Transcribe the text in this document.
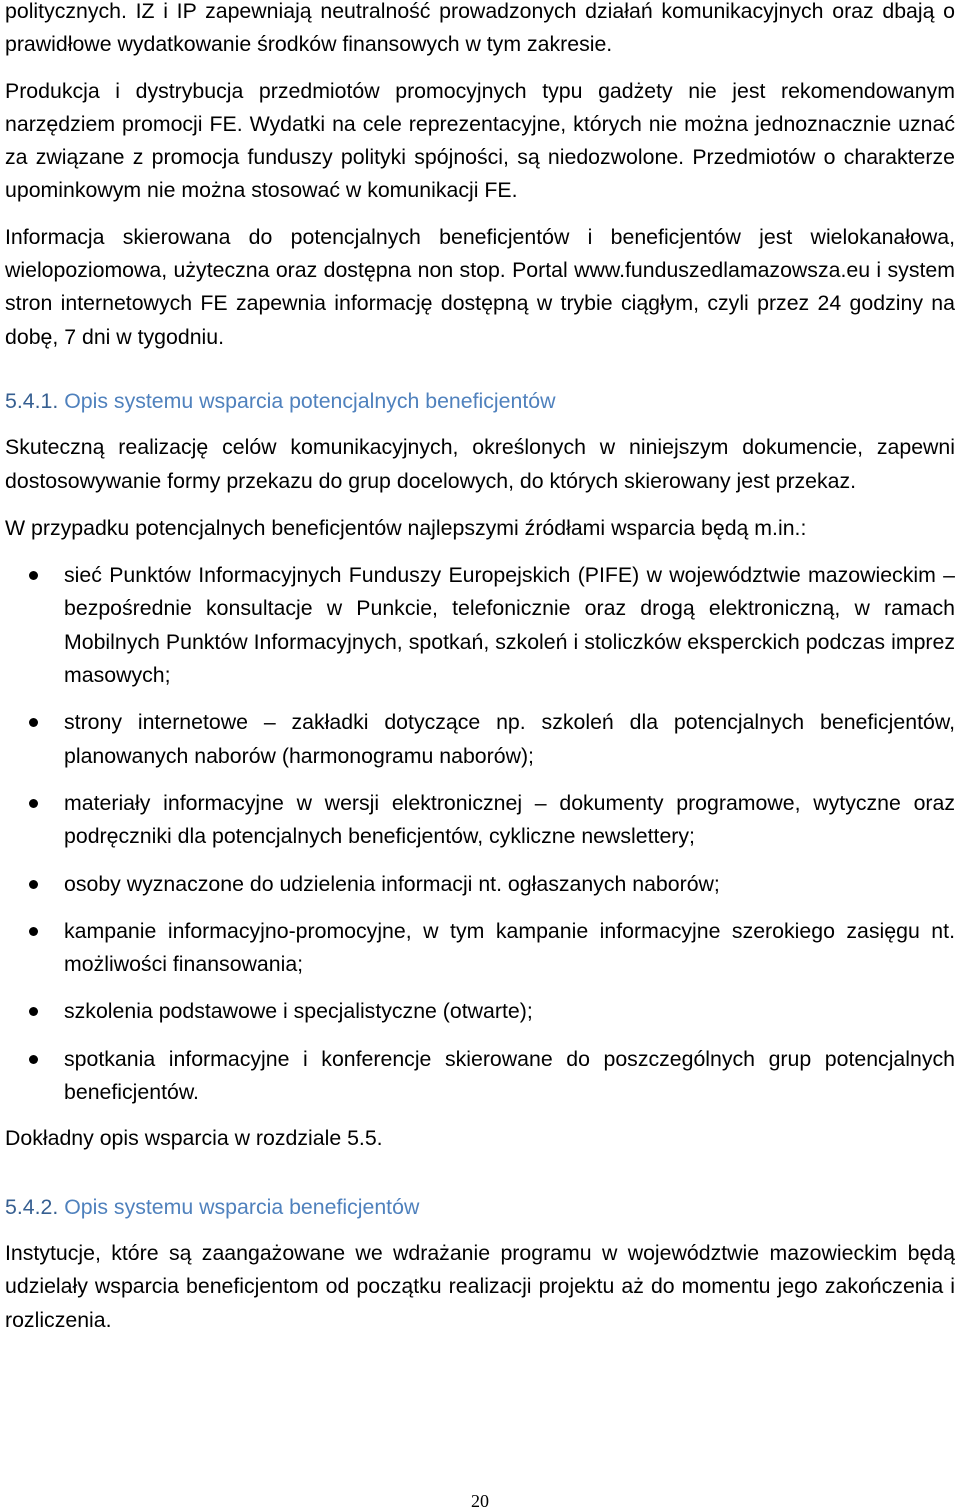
politycznych. IZ i IP zapewniają neutralność prowadzonych działań komunikacyjnych oraz dbają o prawidłowe wydatkowanie środków finansowych w tym zakresie.

Produkcja i dystrybucja przedmiotów promocyjnych typu gadżety nie jest rekomendowanym narzędziem promocji FE. Wydatki na cele reprezentacyjne, których nie można jednoznacznie uznać za związane z promocja funduszy polityki spójności, są niedozwolone. Przedmiotów o charakterze upominkowym nie można stosować w komunikacji FE.

Informacja skierowana do potencjalnych beneficjentów i beneficjentów jest wielokanałowa, wielopoziomowa, użyteczna oraz dostępna non stop. Portal www.funduszedlamazowsza.eu i system stron internetowych FE zapewnia informację dostępną w trybie ciągłym, czyli przez 24 godziny na dobę, 7 dni w tygodniu.

5.4.1. Opis systemu wsparcia potencjalnych beneficjentów

Skuteczną realizację celów komunikacyjnych, określonych w niniejszym dokumencie, zapewni dostosowywanie formy przekazu do grup docelowych, do których skierowany jest przekaz.

W przypadku potencjalnych beneficjentów najlepszymi źródłami wsparcia będą m.in.:

sieć Punktów Informacyjnych Funduszy Europejskich (PIFE) w województwie mazowieckim – bezpośrednie konsultacje w Punkcie, telefonicznie oraz drogą elektroniczną, w ramach Mobilnych Punktów Informacyjnych, spotkań, szkoleń i stoliczków eksperckich podczas imprez masowych;
strony internetowe – zakładki dotyczące np. szkoleń dla potencjalnych beneficjentów, planowanych naborów (harmonogramu naborów);
materiały informacyjne w wersji elektronicznej – dokumenty programowe, wytyczne oraz podręczniki dla potencjalnych beneficjentów, cykliczne newslettery;
osoby wyznaczone do udzielenia informacji nt. ogłaszanych naborów;
kampanie informacyjno-promocyjne, w tym kampanie informacyjne szerokiego zasięgu nt. możliwości finansowania;
szkolenia podstawowe i specjalistyczne (otwarte);
spotkania informacyjne i konferencje skierowane do poszczególnych grup potencjalnych beneficjentów.

Dokładny opis wsparcia w rozdziale 5.5.

5.4.2. Opis systemu wsparcia beneficjentów

Instytucje, które są zaangażowane we wdrażanie programu w województwie mazowieckim będą udzielały wsparcia beneficjentom od początku realizacji projektu aż do momentu jego zakończenia i rozliczenia.

20
